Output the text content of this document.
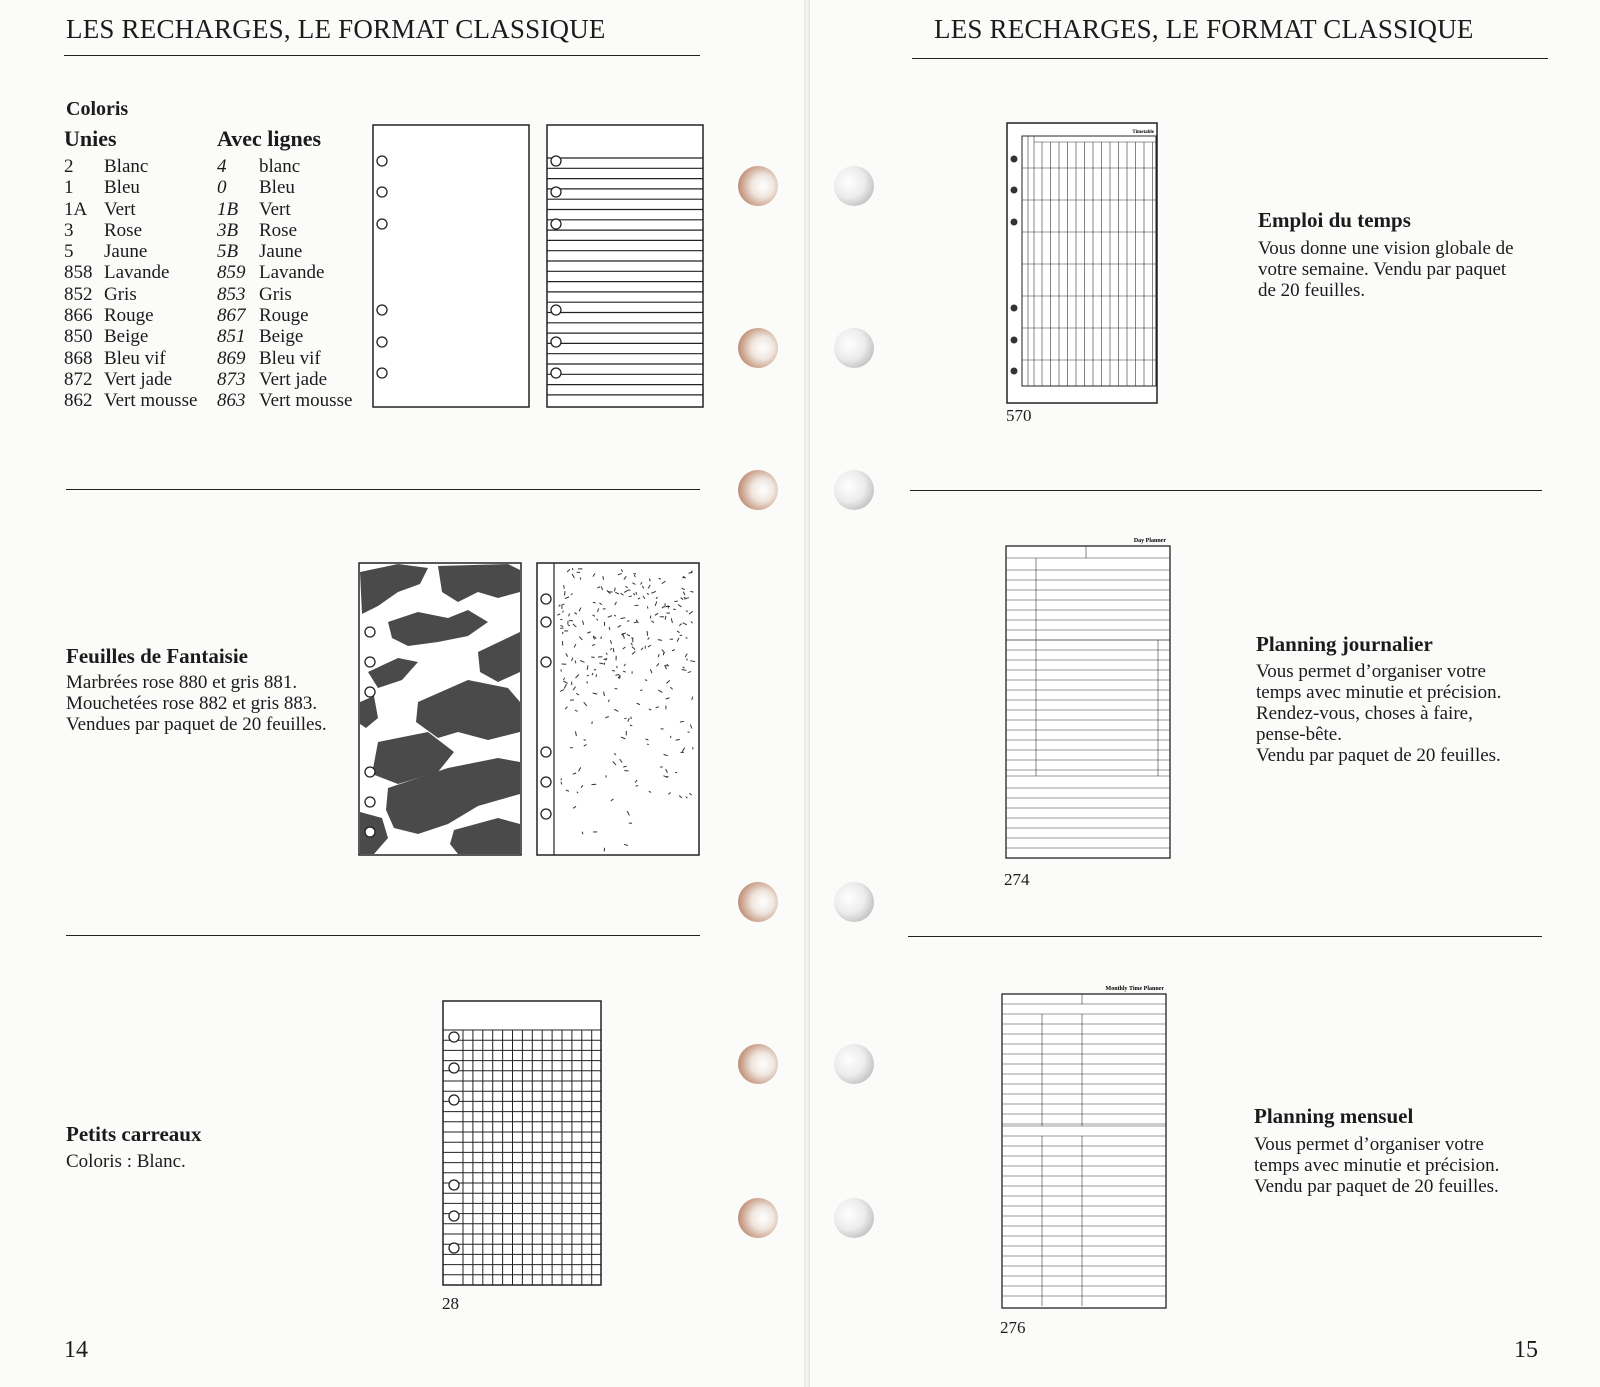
LES RECHARGES, LE FORMAT CLASSIQUE
Coloris
Unies		Avec lignes	
2	Blanc	4	blanc
1	Bleu	0	Bleu
1A	Vert	1B	Vert
3	Rose	3B	Rose
5	Jaune	5B	Jaune
858	Lavande	859	Lavande
852	Gris	853	Gris
866	Rouge	867	Rouge
850	Beige	851	Beige
868	Bleu vif	869	Bleu vif
872	Vert jade	873	Vert jade
862	Vert mousse	863	Vert mousse
Feuilles de Fantaisie
Marbrées rose 880 et gris 881.
Mouchetées rose 882 et gris 883.
Vendues par paquet de 20 feuilles.
Petits carreaux
Coloris : Blanc.
28
14
LES RECHARGES, LE FORMAT CLASSIQUE
Timetable
570
Emploi du temps
Vous donne une vision globale de
votre semaine. Vendu par paquet
de 20 feuilles.
Day Planner
274
Planning journalier
Vous permet d’organiser votre
temps avec minutie et précision.
Rendez-vous, choses à faire,
pense-bête.
Vendu par paquet de 20 feuilles.
Monthly Time Planner
276
Planning mensuel
Vous permet d’organiser votre
temps avec minutie et précision.
Vendu par paquet de 20 feuilles.
15
